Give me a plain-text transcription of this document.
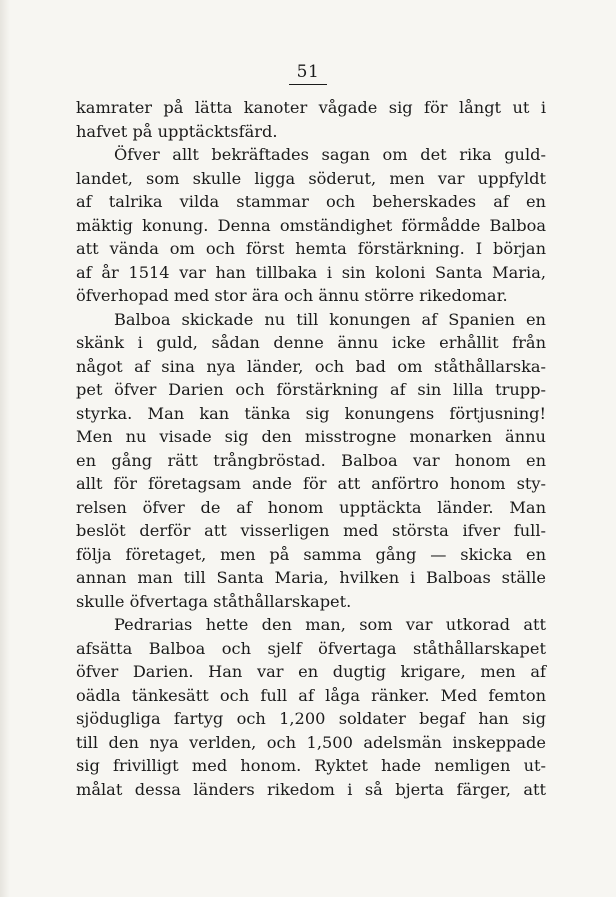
51
kamrater på lätta kanoter vågade sig för långt ut i
hafvet på upptäcktsfärd.
Öfver allt bekräftades sagan om det rika guld-
landet, som skulle ligga söderut, men var uppfyldt
af talrika vilda stammar och beherskades af en
mäktig konung. Denna omständighet förmådde Balboa
att vända om och först hemta förstärkning. I början
af år 1514 var han tillbaka i sin koloni Santa Maria,
öfverhopad med stor ära och ännu större rikedomar.
Balboa skickade nu till konungen af Spanien en
skänk i guld, sådan denne ännu icke erhållit från
något af sina nya länder, och bad om ståthållarska-
pet öfver Darien och förstärkning af sin lilla trupp-
styrka. Man kan tänka sig konungens förtjusning!
Men nu visade sig den misstrogne monarken ännu
en gång rätt trångbröstad. Balboa var honom en
allt för företagsam ande för att anförtro honom sty-
relsen öfver de af honom upptäckta länder. Man
beslöt derför att visserligen med största ifver full-
följa företaget, men på samma gång — skicka en
annan man till Santa Maria, hvilken i Balboas ställe
skulle öfvertaga ståthållarskapet.
Pedrarias hette den man, som var utkorad att
afsätta Balboa och sjelf öfvertaga ståthållarskapet
öfver Darien. Han var en dugtig krigare, men af
oädla tänkesätt och full af låga ränker. Med femton
sjödugliga fartyg och 1,200 soldater begaf han sig
till den nya verlden, och 1,500 adelsmän inskeppade
sig frivilligt med honom. Ryktet hade nemligen ut-
målat dessa länders rikedom i så bjerta färger, att
